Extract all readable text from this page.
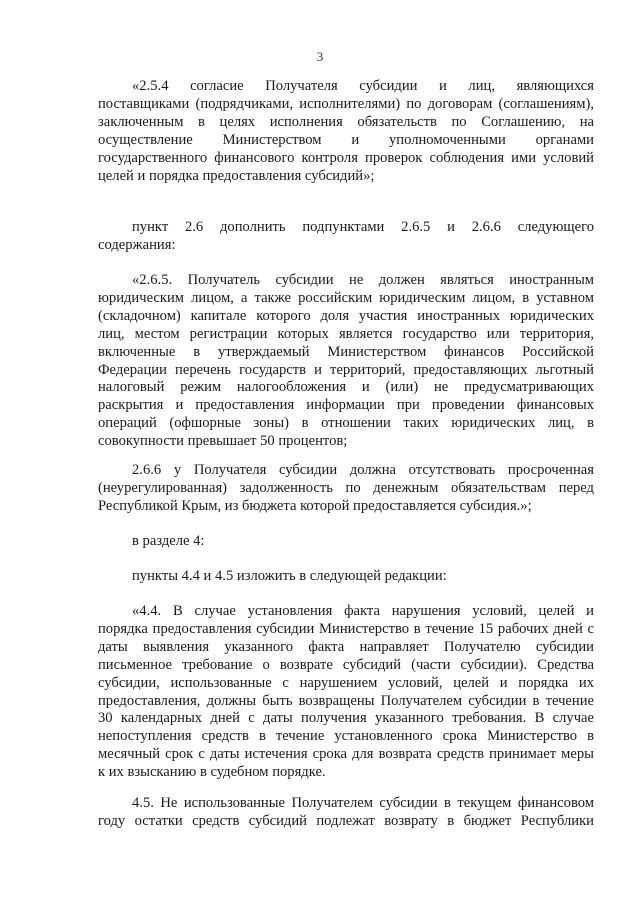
3
«2.5.4 согласие Получателя субсидии и лиц, являющихся
поставщиками (подрядчиками, исполнителями) по договорам (соглашениям),
заключенным в целях исполнения обязательств по Соглашению, на
осуществление Министерством и уполномоченными органами
государственного финансового контроля проверок соблюдения ими условий
целей и порядка предоставления субсидий»;
пункт 2.6 дополнить подпунктами 2.6.5 и 2.6.6 следующего
содержания:
«2.6.5. Получатель субсидии не должен являться иностранным
юридическим лицом, а также российским юридическим лицом, в уставном
(складочном) капитале которого доля участия иностранных юридических
лиц, местом регистрации которых является государство или территория,
включенные в утверждаемый Министерством финансов Российской
Федерации перечень государств и территорий, предоставляющих льготный
налоговый режим налогообложения и (или) не предусматривающих
раскрытия и предоставления информации при проведении финансовых
операций (офшорные зоны) в отношении таких юридических лиц, в
совокупности превышает 50 процентов;
2.6.6 у Получателя субсидии должна отсутствовать просроченная
(неурегулированная) задолженность по денежным обязательствам перед
Республикой Крым, из бюджета которой предоставляется субсидия.»;
в разделе 4:
пункты 4.4 и 4.5 изложить в следующей редакции:
«4.4. В случае установления факта нарушения условий, целей и
порядка предоставления субсидии Министерство в течение 15 рабочих дней с
даты выявления указанного факта направляет Получателю субсидии
письменное требование о возврате субсидий (части субсидии). Средства
субсидии, использованные с нарушением условий, целей и порядка их
предоставления, должны быть возвращены Получателем субсидии в течение
30 календарных дней с даты получения указанного требования. В случае
непоступления средств в течение установленного срока Министерство в
месячный срок с даты истечения срока для возврата средств принимает меры
к их взысканию в судебном порядке.
4.5. Не использованные Получателем субсидии в текущем финансовом
году остатки средств субсидий подлежат возврату в бюджет Республики
